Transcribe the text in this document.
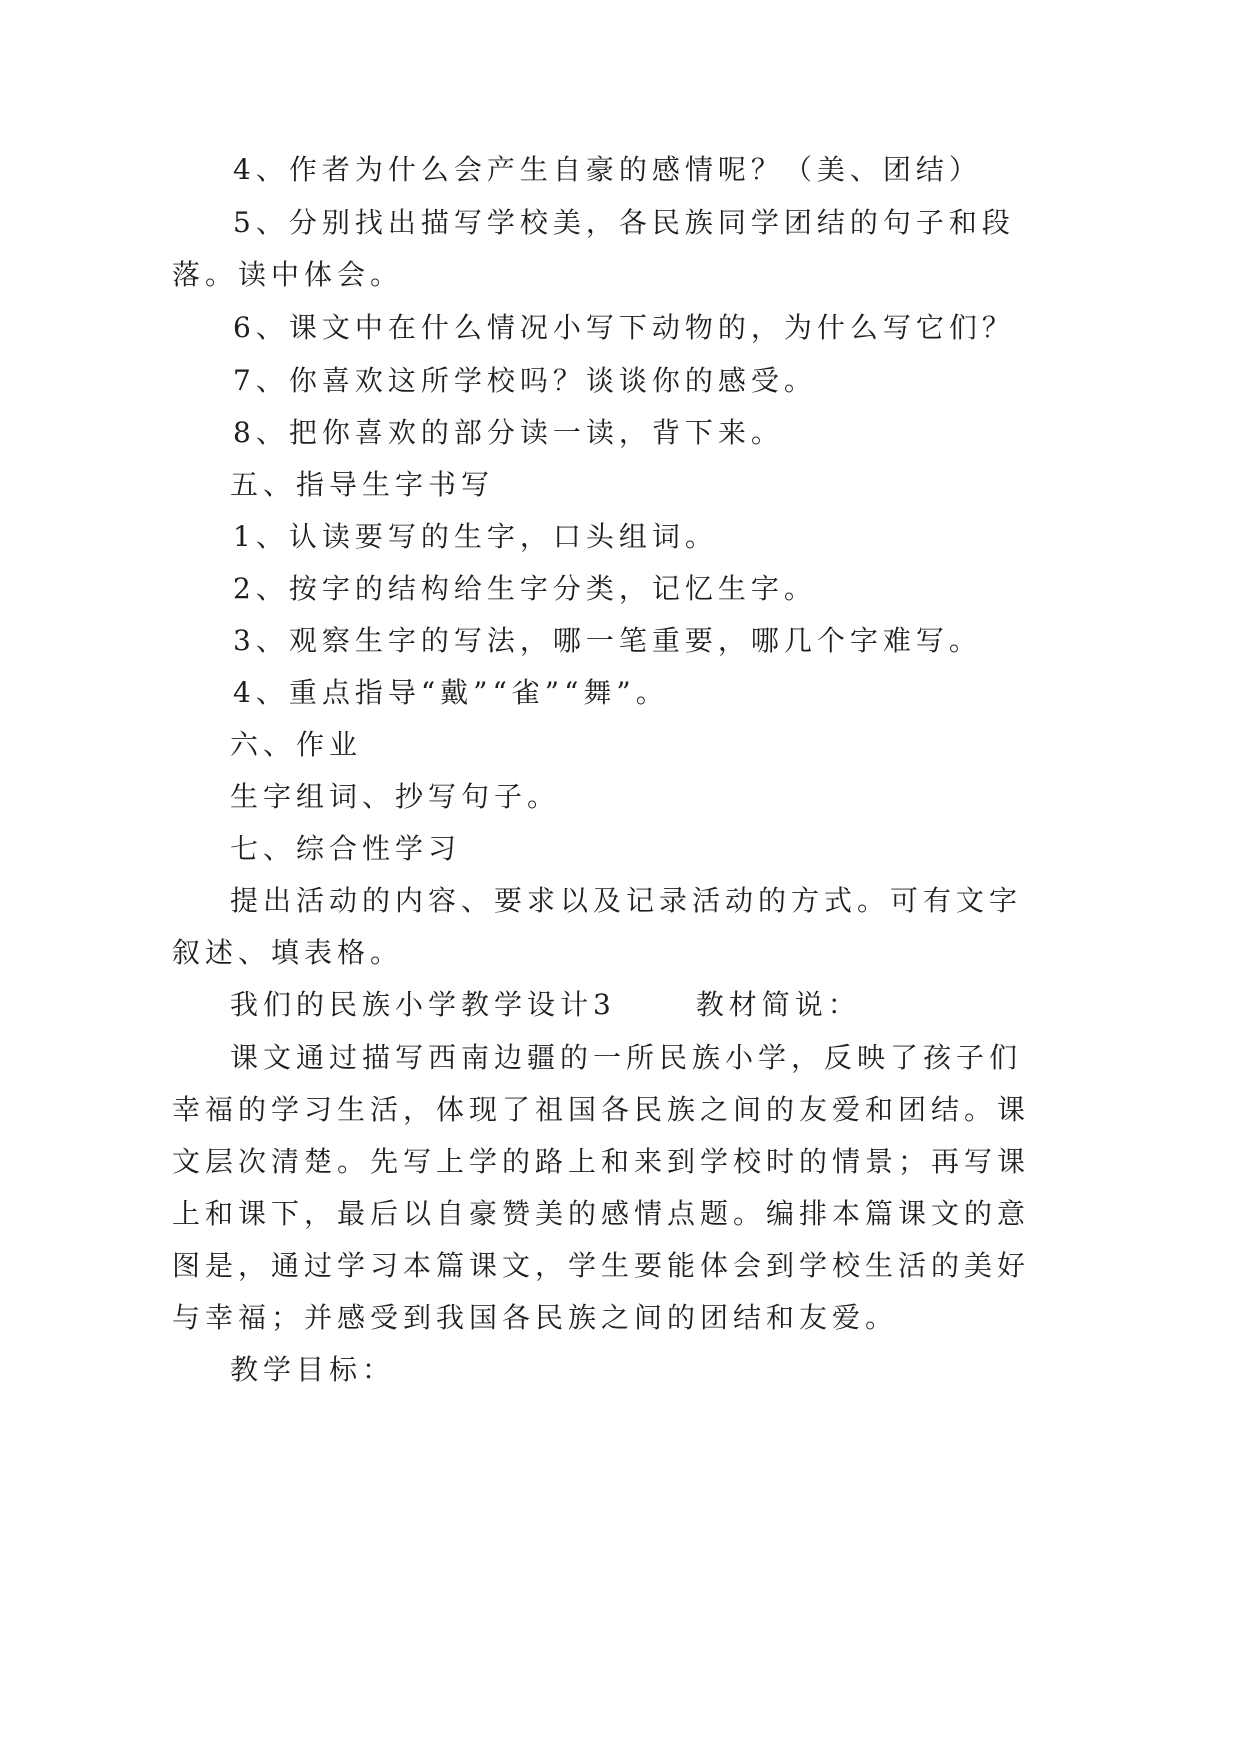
4、作者为什么会产生自豪的感情呢？（美、团结）

5、分别找出描写学校美，各民族同学团结的句子和段

落。读中体会。

6、课文中在什么情况小写下动物的，为什么写它们？

7、你喜欢这所学校吗？谈谈你的感受。

8、把你喜欢的部分读一读，背下来。

五、指导生字书写

1、认读要写的生字，口头组词。

2、按字的结构给生字分类，记忆生字。

3、观察生字的写法，哪一笔重要，哪几个字难写。

4、重点指导“戴”“雀”“舞”。

六、作业

生字组词、抄写句子。

七、综合性学习

提出活动的内容、要求以及记录活动的方式。可有文字

叙述、填表格。

我们的民族小学教学设计3 　　教材简说：

课文通过描写西南边疆的一所民族小学，反映了孩子们

幸福的学习生活，体现了祖国各民族之间的友爱和团结。课

文层次清楚。先写上学的路上和来到学校时的情景；再写课

上和课下，最后以自豪赞美的感情点题。编排本篇课文的意

图是，通过学习本篇课文，学生要能体会到学校生活的美好

与幸福；并感受到我国各民族之间的团结和友爱。

教学目标：
